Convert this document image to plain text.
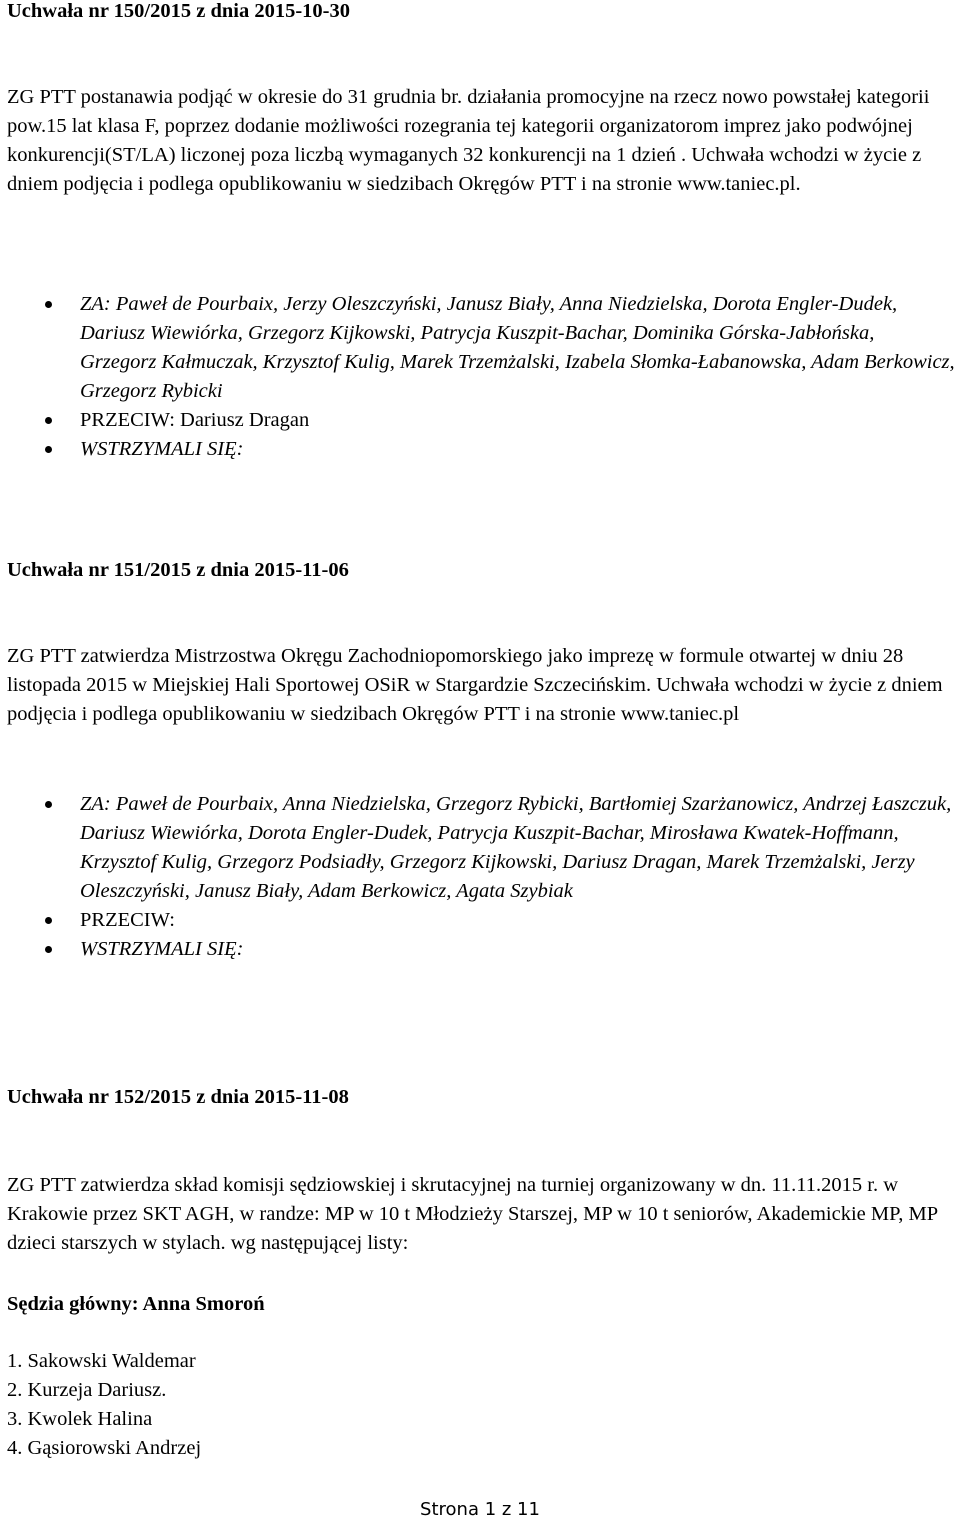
Uchwała nr 150/2015 z dnia 2015-10-30

ZG PTT postanawia podjąć w okresie do 31 grudnia br. działania promocyjne na rzecz nowo powstałej kategorii pow.15 lat klasa F, poprzez dodanie możliwości rozegrania tej kategorii organizatorom imprez jako podwójnej konkurencji(ST/LA) liczonej poza liczbą wymaganych 32 konkurencji na 1 dzień . Uchwała wchodzi w życie z dniem podjęcia i podlega opublikowaniu w siedzibach Okręgów PTT i na stronie www.taniec.pl.

ZA: Paweł de Pourbaix, Jerzy Oleszczyński, Janusz Biały, Anna Niedzielska, Dorota Engler-Dudek, Dariusz Wiewiórka, Grzegorz Kijkowski, Patrycja Kuszpit-Bachar, Dominika Górska-Jabłońska, Grzegorz Kałmuczak, Krzysztof Kulig, Marek Trzemżalski, Izabela Słomka-Łabanowska, Adam Berkowicz, Grzegorz Rybicki
PRZECIW: Dariusz Dragan
WSTRZYMALI SIĘ:

Uchwała nr 151/2015 z dnia 2015-11-06

ZG PTT zatwierdza Mistrzostwa Okręgu Zachodniopomorskiego jako imprezę w formule otwartej w dniu 28 listopada 2015 w Miejskiej Hali Sportowej OSiR w Stargardzie Szczecińskim. Uchwała wchodzi w życie z dniem podjęcia i podlega opublikowaniu w siedzibach Okręgów PTT i na stronie www.taniec.pl

ZA: Paweł de Pourbaix, Anna Niedzielska, Grzegorz Rybicki, Bartłomiej Szarżanowicz, Andrzej Łaszczuk, Dariusz Wiewiórka, Dorota Engler-Dudek, Patrycja Kuszpit-Bachar, Mirosława Kwatek-Hoffmann, Krzysztof Kulig, Grzegorz Podsiadły, Grzegorz Kijkowski, Dariusz Dragan, Marek Trzemżalski, Jerzy Oleszczyński, Janusz Biały, Adam Berkowicz, Agata Szybiak
PRZECIW:
WSTRZYMALI SIĘ:

Uchwała nr 152/2015 z dnia 2015-11-08

ZG PTT zatwierdza skład komisji sędziowskiej i skrutacyjnej na turniej organizowany w dn. 11.11.2015 r. w Krakowie przez SKT AGH, w randze: MP w 10 t Młodzieży Starszej, MP w 10 t seniorów, Akademickie MP, MP dzieci starszych w stylach. wg następującej listy:

Sędzia główny: Anna Smoroń

1. Sakowski Waldemar
2. Kurzeja Dariusz.
3. Kwolek Halina
4. Gąsiorowski Andrzej
Strona 1 z 11
